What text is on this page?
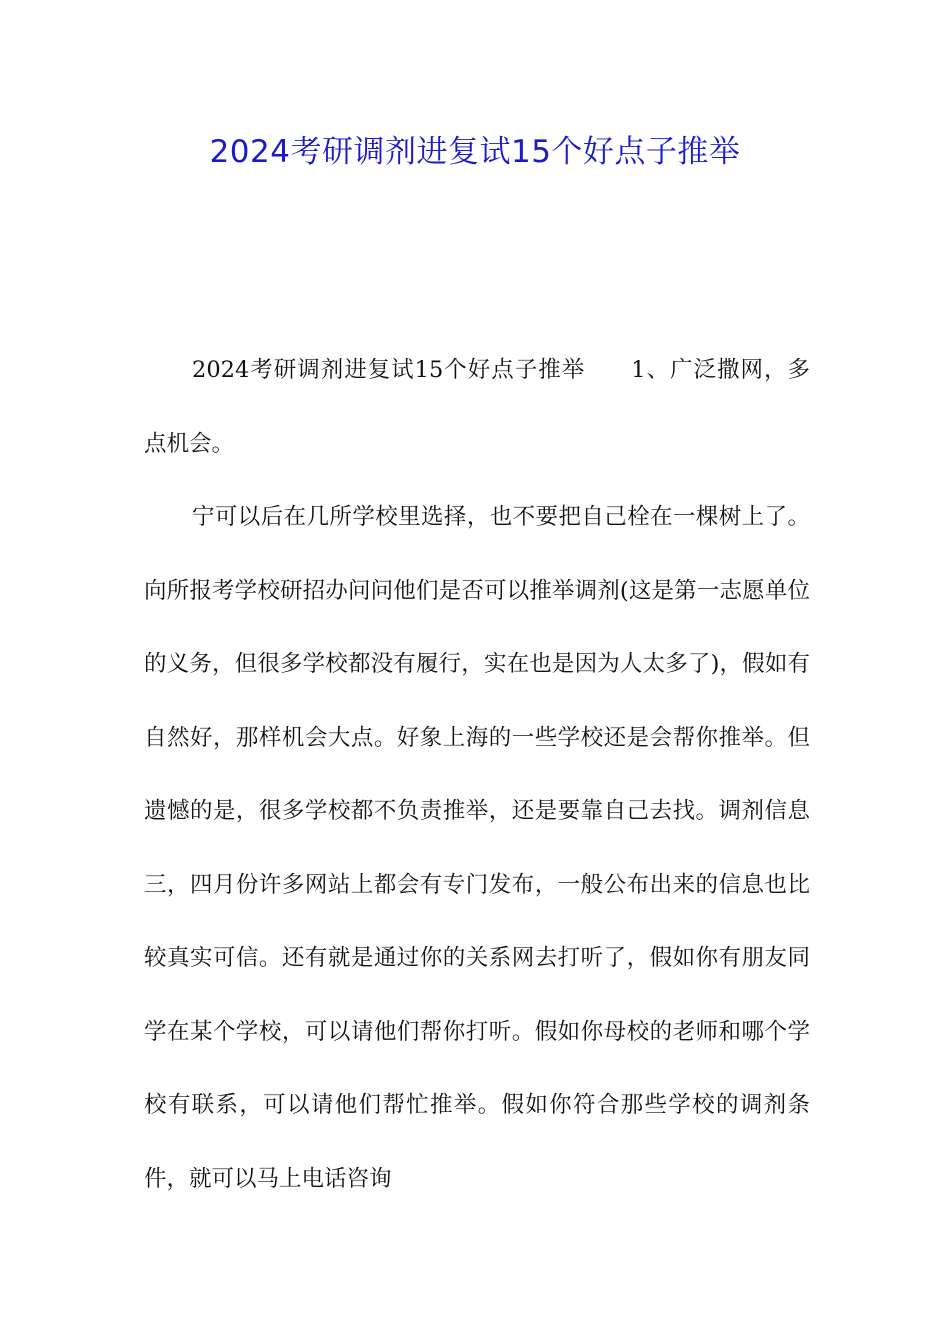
2024考研调剂进复试15个好点子推举

2024考研调剂进复试15个好点子推举 1、广泛撒网，多点机会。

宁可以后在几所学校里选择，也不要把自己栓在一棵树上了。向所报考学校研招办问问他们是否可以推举调剂(这是第一志愿单位的义务，但很多学校都没有履行，实在也是因为人太多了)，假如有自然好，那样机会大点。好象上海的一些学校还是会帮你推举。但遗憾的是，很多学校都不负责推举，还是要靠自己去找。调剂信息三，四月份许多网站上都会有专门发布，一般公布出来的信息也比较真实可信。还有就是通过你的关系网去打听了，假如你有朋友同学在某个学校，可以请他们帮你打听。假如你母校的老师和哪个学校有联系，可以请他们帮忙推举。假如你符合那些学校的调剂条件，就可以马上电话咨询
